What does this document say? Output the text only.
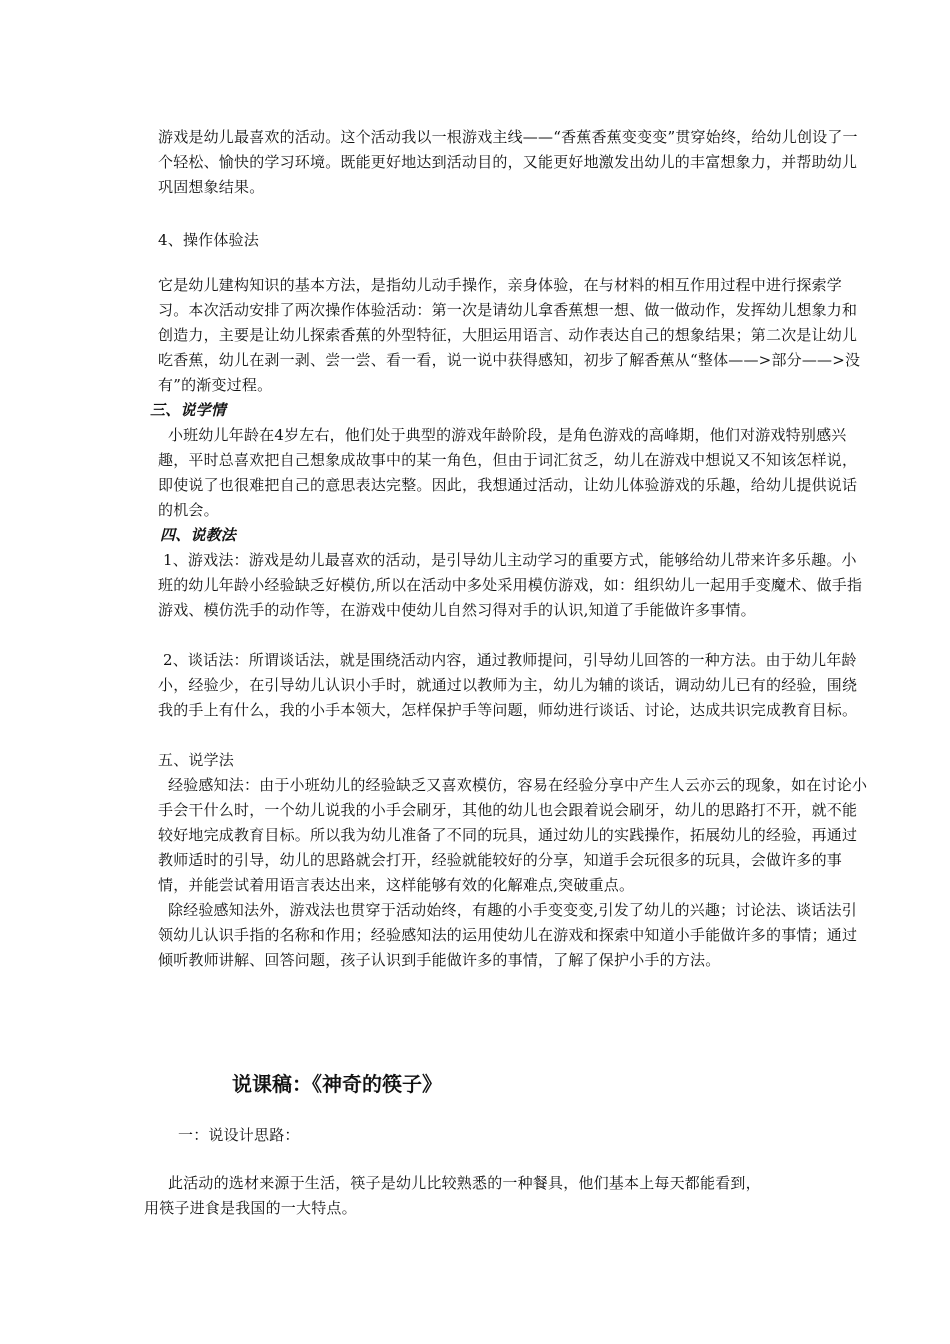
游戏是幼儿最喜欢的活动。这个活动我以一根游戏主线——“香蕉香蕉变变变”贯穿始终，给幼儿创设了一个轻松、愉快的学习环境。既能更好地达到活动目的，又能更好地激发出幼儿的丰富想象力，并帮助幼儿巩固想象结果。

4、操作体验法

它是幼儿建构知识的基本方法，是指幼儿动手操作，亲身体验，在与材料的相互作用过程中进行探索学习。本次活动安排了两次操作体验活动：第一次是请幼儿拿香蕉想一想、做一做动作，发挥幼儿想象力和创造力，主要是让幼儿探索香蕉的外型特征，大胆运用语言、动作表达自己的想象结果；第二次是让幼儿吃香蕉，幼儿在剥一剥、尝一尝、看一看，说一说中获得感知，初步了解香蕉从“整体——>部分——>没有”的渐变过程。

三、说学情

小班幼儿年龄在4岁左右，他们处于典型的游戏年龄阶段，是角色游戏的高峰期，他们对游戏特别感兴趣，平时总喜欢把自己想象成故事中的某一角色，但由于词汇贫乏，幼儿在游戏中想说又不知该怎样说，即使说了也很难把自己的意思表达完整。因此，我想通过活动，让幼儿体验游戏的乐趣，给幼儿提供说话的机会。

四、说教法

1、游戏法：游戏是幼儿最喜欢的活动，是引导幼儿主动学习的重要方式，能够给幼儿带来许多乐趣。小班的幼儿年龄小经验缺乏好模仿,所以在活动中多处采用模仿游戏，如：组织幼儿一起用手变魔术、做手指游戏、模仿洗手的动作等，在游戏中使幼儿自然习得对手的认识,知道了手能做许多事情。

2、谈话法：所谓谈话法，就是围绕活动内容，通过教师提问，引导幼儿回答的一种方法。由于幼儿年龄小，经验少，在引导幼儿认识小手时，就通过以教师为主，幼儿为辅的谈话，调动幼儿已有的经验，围绕我的手上有什么，我的小手本领大，怎样保护手等问题，师幼进行谈话、讨论，达成共识完成教育目标。

五、说学法

经验感知法：由于小班幼儿的经验缺乏又喜欢模仿，容易在经验分享中产生人云亦云的现象，如在讨论小手会干什么时，一个幼儿说我的小手会刷牙，其他的幼儿也会跟着说会刷牙，幼儿的思路打不开，就不能较好地完成教育目标。所以我为幼儿准备了不同的玩具，通过幼儿的实践操作，拓展幼儿的经验，再通过教师适时的引导，幼儿的思路就会打开，经验就能较好的分享，知道手会玩很多的玩具，会做许多的事情，并能尝试着用语言表达出来，这样能够有效的化解难点,突破重点。

除经验感知法外，游戏法也贯穿于活动始终，有趣的小手变变变,引发了幼儿的兴趣；讨论法、谈话法引领幼儿认识手指的名称和作用；经验感知法的运用使幼儿在游戏和探索中知道小手能做许多的事情；通过倾听教师讲解、回答问题，孩子认识到手能做许多的事情，了解了保护小手的方法。

说课稿：《神奇的筷子》

一：说设计思路：

此活动的选材来源于生活，筷子是幼儿比较熟悉的一种餐具，他们基本上每天都能看到，

用筷子进食是我国的一大特点。
